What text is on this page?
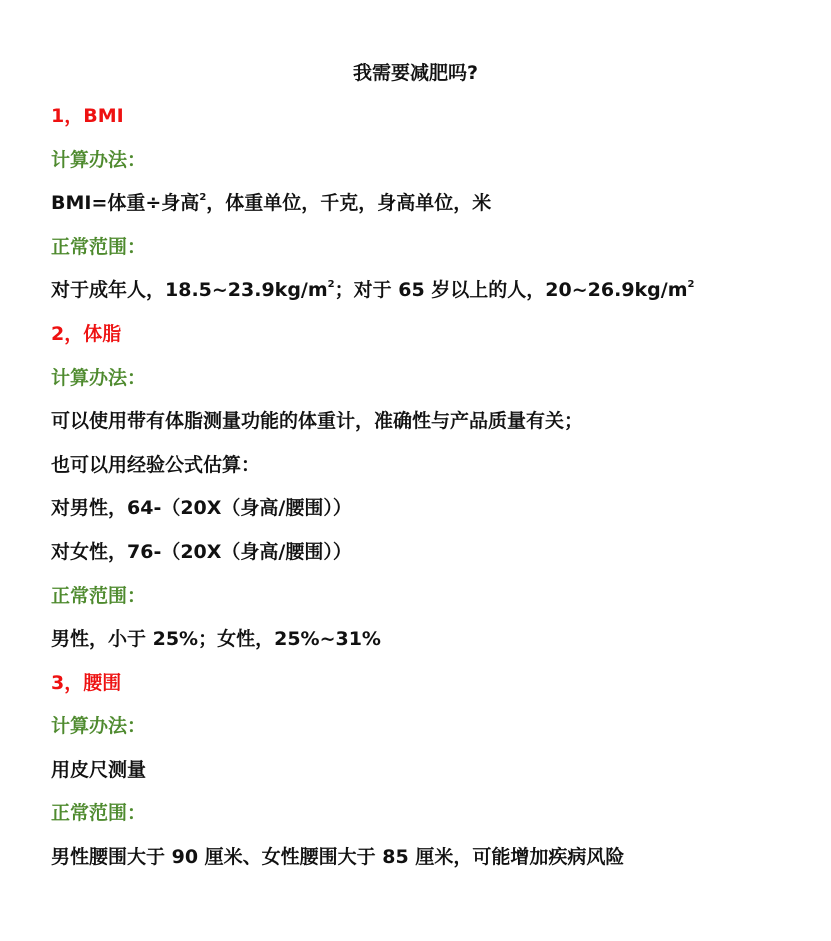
我需要减肥吗?
1，BMI
计算办法：
BMI=体重÷身高$^2$，体重单位，千克，身高单位，米
正常范围：
对于成年人，$18.5\sim 23.9kg/m^2$；对于 65 岁以上的人，$20\sim 26.9kg/m^2$
2，体脂
计算办法：
可以使用带有体脂测量功能的体重计，准确性与产品质量有关；
也可以用经验公式估算：
对男性，64-（20X（身高/腰围））
对女性，76-（20X（身高/腰围））
正常范围：
男性，小于 25%；女性，25%~31%
3，腰围
计算办法：
用皮尺测量
正常范围：
男性腰围大于 90 厘米、女性腰围大于 85 厘米，可能增加疾病风险
